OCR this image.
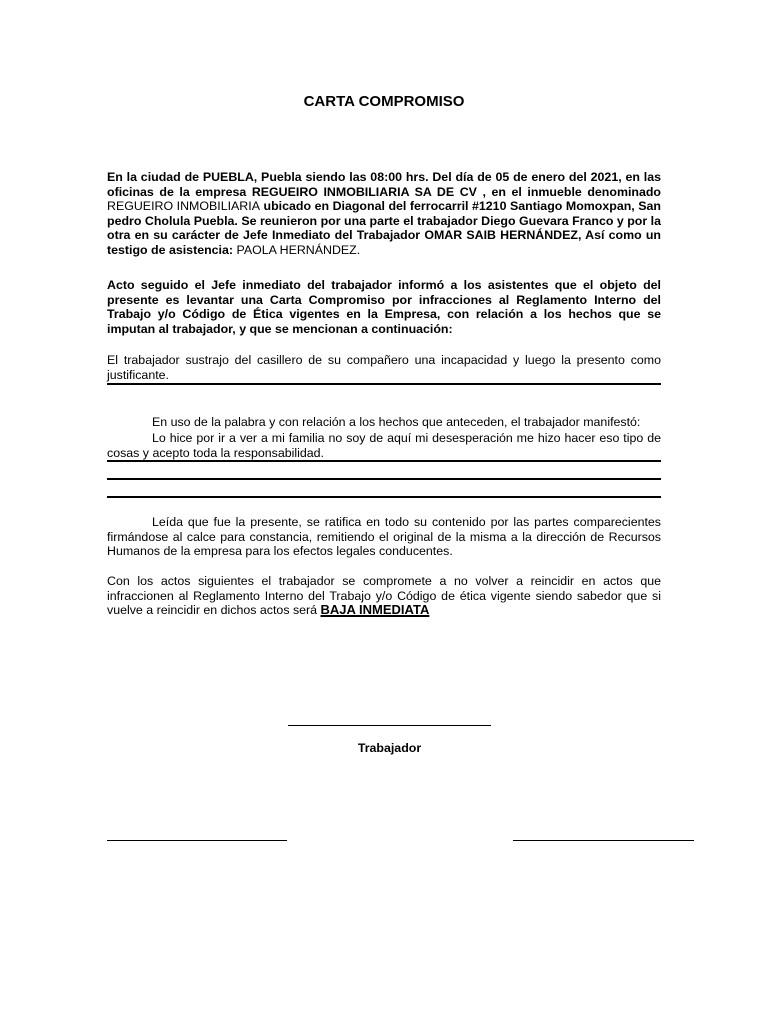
CARTA COMPROMISO

En la ciudad de PUEBLA, Puebla siendo las 08:00 hrs. Del día de 05 de enero del 2021, en las oficinas de la empresa REGUEIRO INMOBILIARIA SA DE CV , en el inmueble denominado REGUEIRO INMOBILIARIA ubicado en Diagonal del ferrocarril #1210 Santiago Momoxpan, San pedro Cholula Puebla. Se reunieron por una parte el trabajador Diego Guevara Franco y por la otra en su carácter de Jefe Inmediato del Trabajador OMAR SAIB HERNÁNDEZ, Así como un testigo de asistencia: PAOLA HERNÁNDEZ.

Acto seguido el Jefe inmediato del trabajador informó a los asistentes que el objeto del presente es levantar una Carta Compromiso por infracciones al Reglamento Interno del Trabajo y/o Código de Ética vigentes en la Empresa, con relación a los hechos que se imputan al trabajador, y que se mencionan a continuación:
El trabajador sustrajo del casillero de su compañero una incapacidad y luego la presento como justificante.
En uso de la palabra y con relación a los hechos que anteceden, el trabajador manifestó:
Lo hice por ir a ver a mi familia no soy de aquí mi desesperación me hizo hacer eso tipo de cosas y acepto toda la responsabilidad.
Leída que fue la presente, se ratifica en todo su contenido por las partes comparecientes firmándose al calce para constancia, remitiendo el original de la misma a la dirección de Recursos Humanos de la empresa para los efectos legales conducentes.
Con los actos siguientes el trabajador se compromete a no volver a reincidir en actos que infraccionen al Reglamento Interno del Trabajo y/o Código de ética vigente siendo sabedor que si vuelve a reincidir en dichos actos será BAJA INMEDIATA
Trabajador
